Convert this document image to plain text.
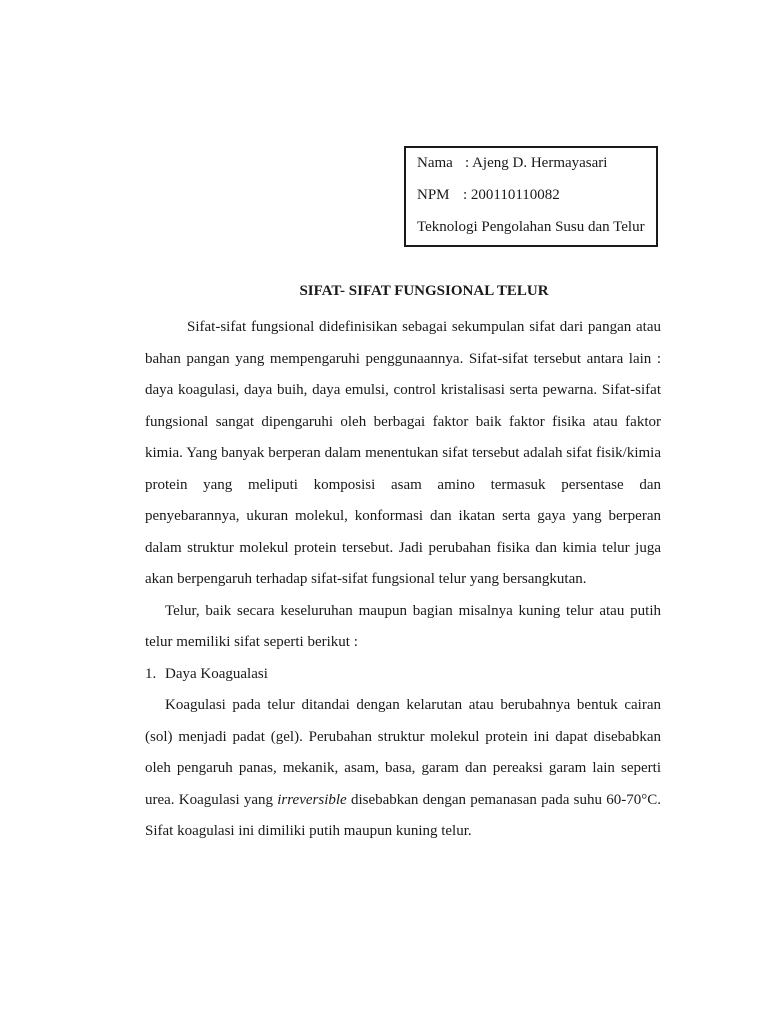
Nama : Ajeng D. Hermayasari
NPM : 200110110082
Teknologi Pengolahan Susu dan Telur
SIFAT- SIFAT FUNGSIONAL TELUR

Sifat-sifat fungsional didefinisikan sebagai sekumpulan sifat dari pangan atau bahan pangan yang mempengaruhi penggunaannya. Sifat-sifat tersebut antara lain : daya koagulasi, daya buih, daya emulsi, control kristalisasi serta pewarna. Sifat-sifat fungsional sangat dipengaruhi oleh berbagai faktor baik faktor fisika atau faktor kimia. Yang banyak berperan dalam menentukan sifat tersebut adalah sifat fisik/kimia protein yang meliputi komposisi asam amino termasuk persentase dan penyebarannya, ukuran molekul, konformasi dan ikatan serta gaya yang berperan dalam struktur molekul protein tersebut. Jadi perubahan fisika dan kimia telur juga akan berpengaruh terhadap sifat-sifat fungsional telur yang bersangkutan.

Telur, baik secara keseluruhan maupun bagian misalnya kuning telur atau putih telur memiliki sifat seperti berikut :

1. Daya Koagualasi

Koagulasi pada telur ditandai dengan kelarutan atau berubahnya bentuk cairan (sol) menjadi padat (gel). Perubahan struktur molekul protein ini dapat disebabkan oleh pengaruh panas, mekanik, asam, basa, garam dan pereaksi garam lain seperti urea. Koagulasi yang irreversible disebabkan dengan pemanasan pada suhu 60-70°C. Sifat koagulasi ini dimiliki putih maupun kuning telur.
